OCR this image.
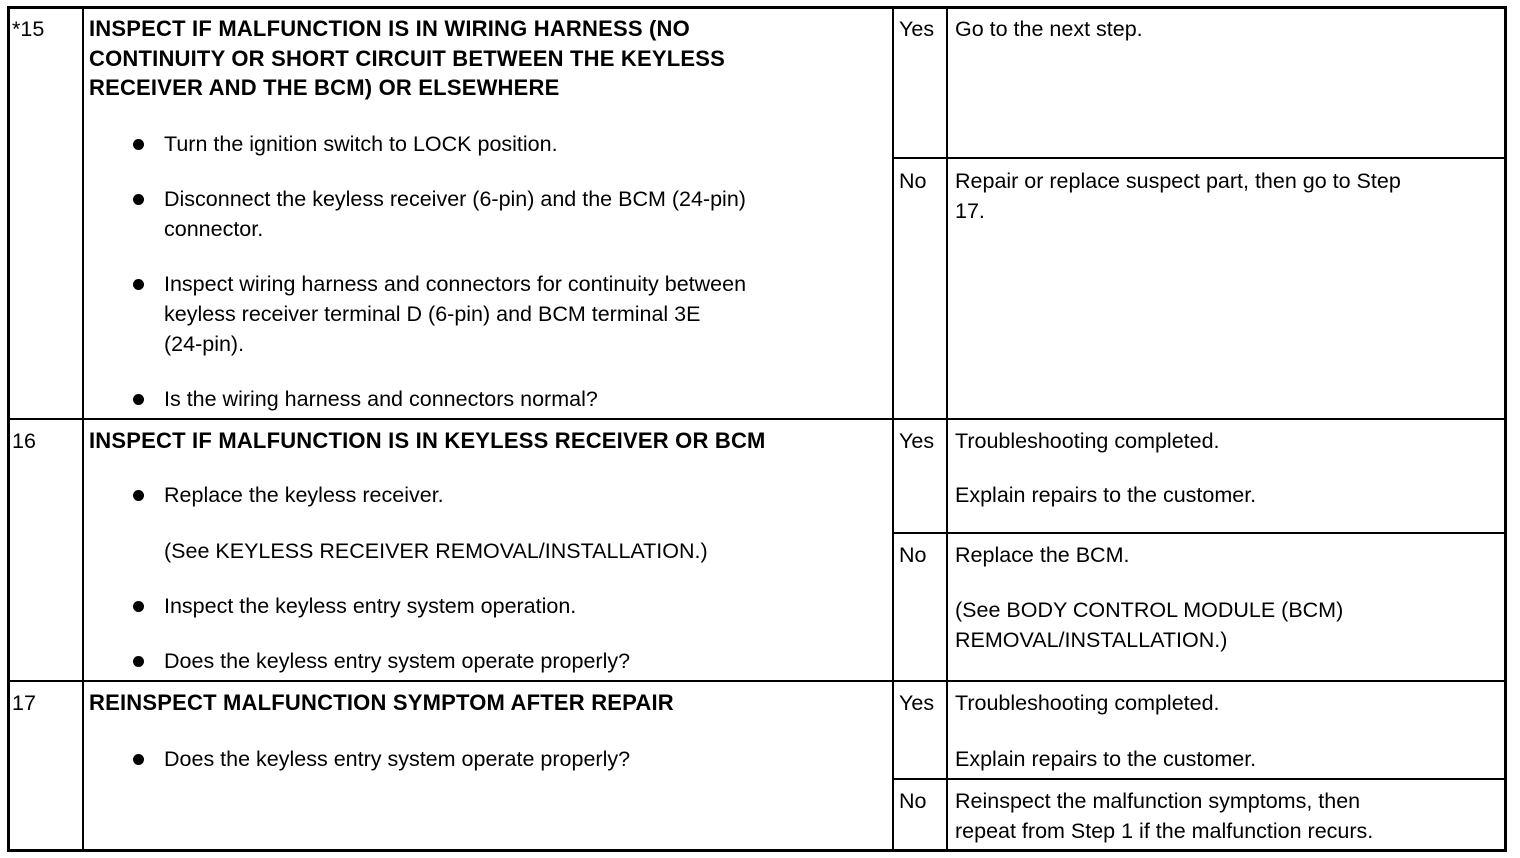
*15 INSPECT IF MALFUNCTION IS IN WIRING HARNESS (NO
CONTINUITY OR SHORT CIRCUIT BETWEEN THE KEYLESS
RECEIVER AND THE BCM) OR ELSEWHERE
Turn the ignition switch to LOCK position.
Disconnect the keyless receiver (6-pin) and the BCM (24-pin)
connector.
Inspect wiring harness and connectors for continuity between
keyless receiver terminal D (6-pin) and BCM terminal 3E
(24-pin).
Is the wiring harness and connectors normal?
Yes Go to the next step.
No Repair or replace suspect part, then go to Step
17.
16 INSPECT IF MALFUNCTION IS IN KEYLESS RECEIVER OR BCM
Replace the keyless receiver.
(See KEYLESS RECEIVER REMOVAL/INSTALLATION.)
Inspect the keyless entry system operation.
Does the keyless entry system operate properly?
Yes Troubleshooting completed.
Explain repairs to the customer.
No Replace the BCM.
(See BODY CONTROL MODULE (BCM)
REMOVAL/INSTALLATION.)
17 REINSPECT MALFUNCTION SYMPTOM AFTER REPAIR
Does the keyless entry system operate properly?
Yes Troubleshooting completed.
Explain repairs to the customer.
No Reinspect the malfunction symptoms, then
repeat from Step 1 if the malfunction recurs.
